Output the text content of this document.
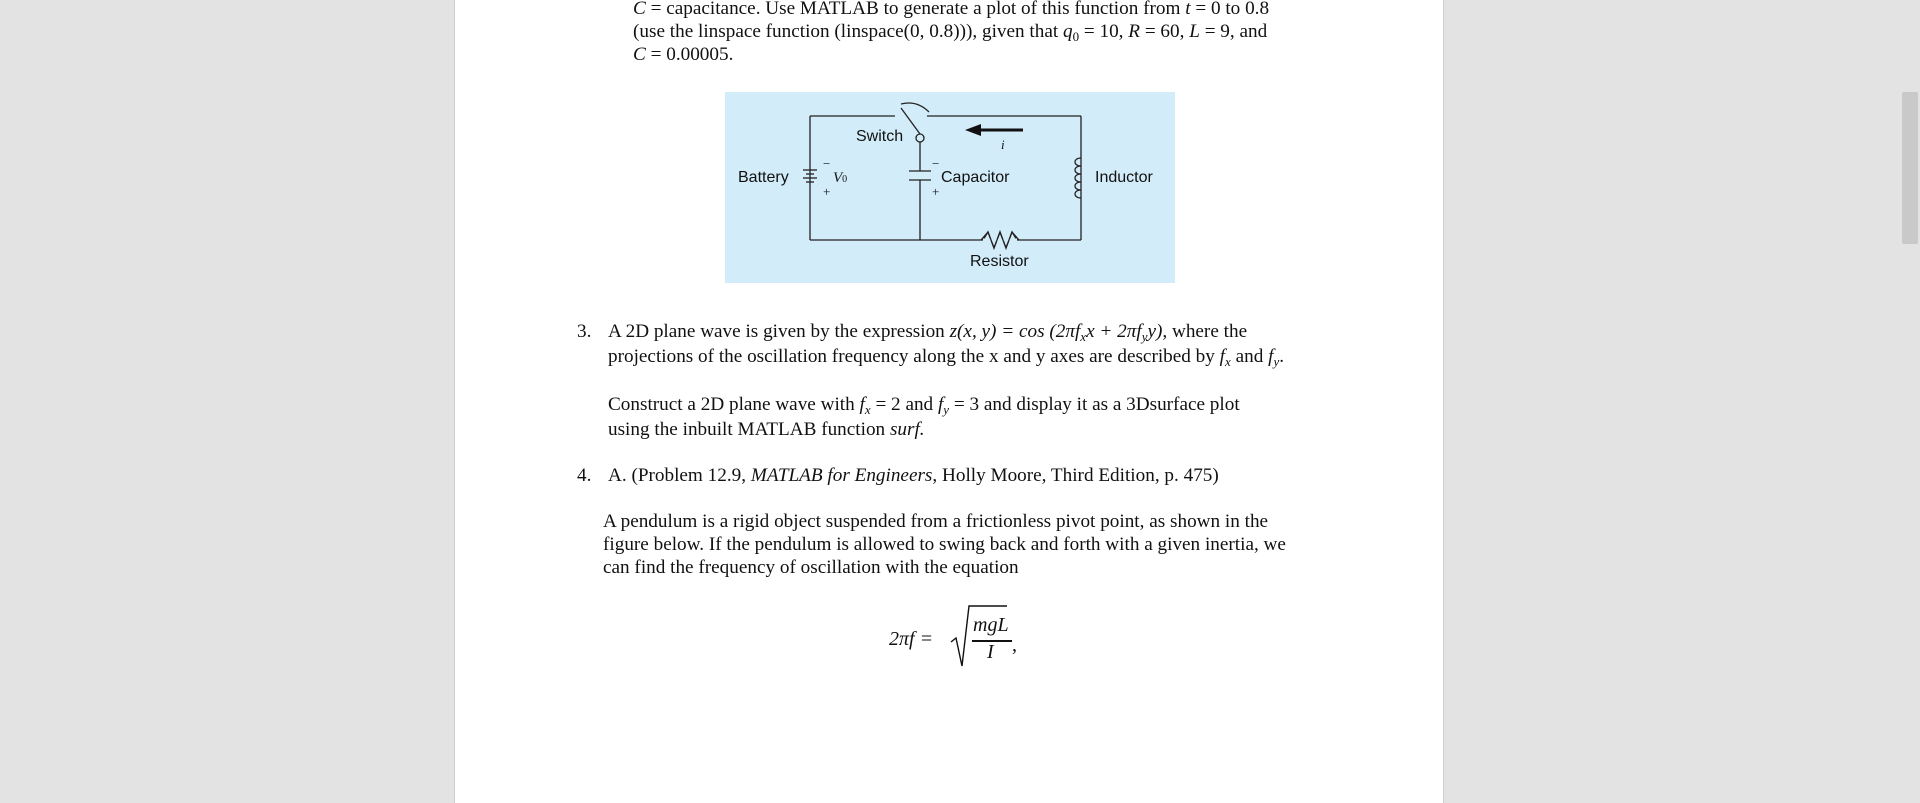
C = capacitance. Use MATLAB to generate a plot of this function from t = 0 to 0.8
(use the linspace function (linspace(0, 0.8))), given that $q_0 = 10$, R = 60, L = 9, and
C = 0.00005.
Switch
Battery	Capacitor	Inductor
Resistor
V0
i
−
+
−
+
3. A 2D plane wave is given by the expression z(x, $y) = \cos (2\pi f_xx + 2\pi f_yy)$, where the
projections of the oscillation frequency along the x and y axes are described by $f_x$ and $f_y$.
Construct a 2D plane wave with $f_x = 2$ and $f_y = 3$ and display it as a 3Dsurface plot
using the inbuilt MATLAB function surf.
4. A. (Problem 12.9, MATLAB for Engineers, Holly Moore, Third Edition, p. 475)
A pendulum is a rigid object suspended from a frictionless pivot point, as shown in the
figure below. If the pendulum is allowed to swing back and forth with a given inertia, we
can find the frequency of oscillation with the equation
2πf =
mgL
I ,
